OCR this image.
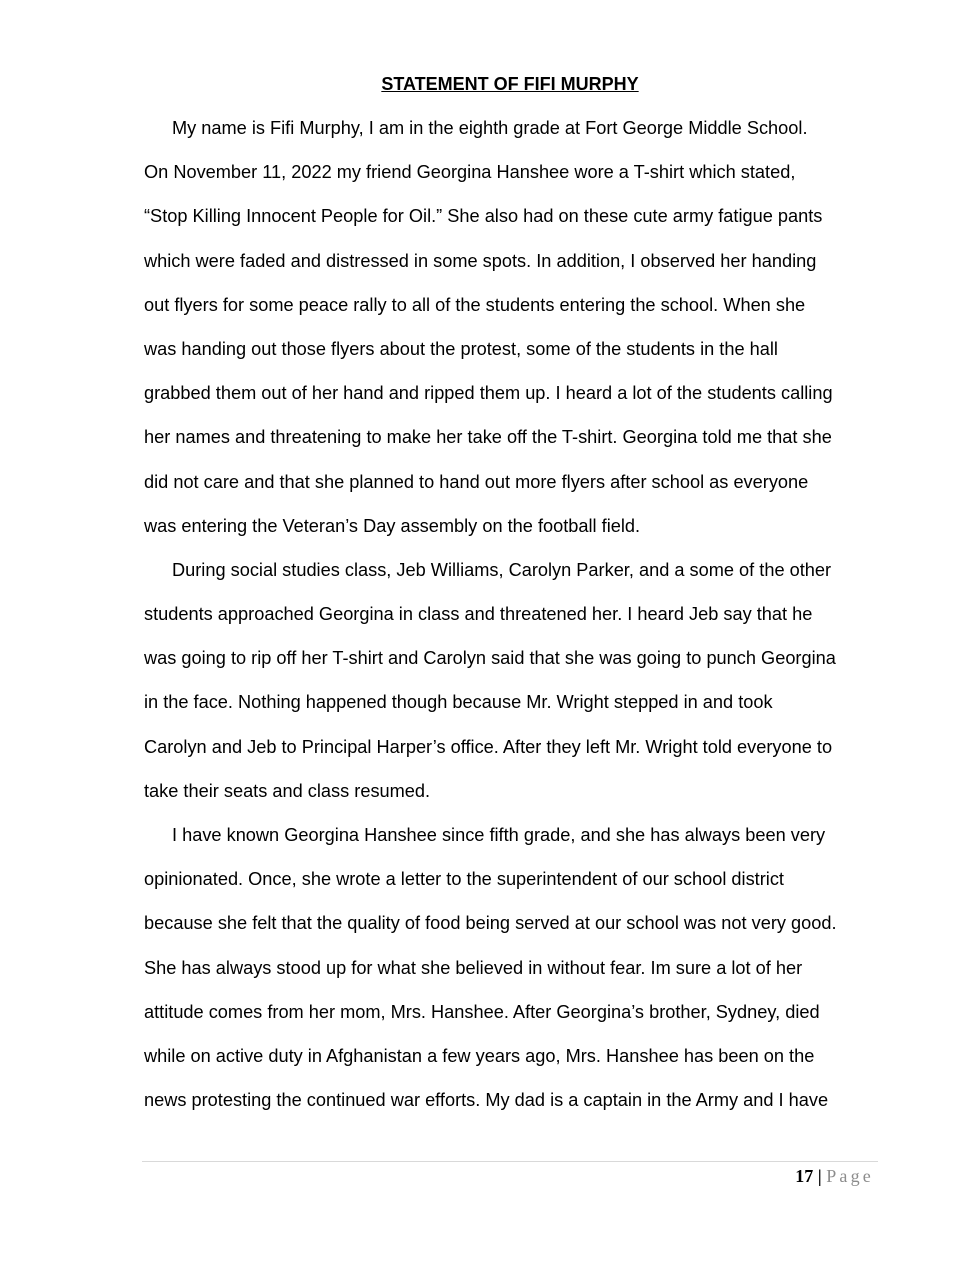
STATEMENT OF FIFI MURPHY
My name is Fifi Murphy, I am in the eighth grade at Fort George Middle School.
On November 11, 2022 my friend Georgina Hanshee wore a T-shirt which stated,
“Stop Killing Innocent People for Oil.” She also had on these cute army fatigue pants
which were faded and distressed in some spots. In addition, I observed her handing
out flyers for some peace rally to all of the students entering the school. When she
was handing out those flyers about the protest, some of the students in the hall
grabbed them out of her hand and ripped them up. I heard a lot of the students calling
her names and threatening to make her take off the T-shirt. Georgina told me that she
did not care and that she planned to hand out more flyers after school as everyone
was entering the Veteran’s Day assembly on the football field.
During social studies class, Jeb Williams, Carolyn Parker, and a some of the other
students approached Georgina in class and threatened her. I heard Jeb say that he
was going to rip off her T-shirt and Carolyn said that she was going to punch Georgina
in the face. Nothing happened though because Mr. Wright stepped in and took
Carolyn and Jeb to Principal Harper’s office. After they left Mr. Wright told everyone to
take their seats and class resumed.
I have known Georgina Hanshee since fifth grade, and she has always been very
opinionated. Once, she wrote a letter to the superintendent of our school district
because she felt that the quality of food being served at our school was not very good.
She has always stood up for what she believed in without fear. Im sure a lot of her
attitude comes from her mom, Mrs. Hanshee. After Georgina’s brother, Sydney, died
while on active duty in Afghanistan a few years ago, Mrs. Hanshee has been on the
news protesting the continued war efforts. My dad is a captain in the Army and I have
17 | Page
